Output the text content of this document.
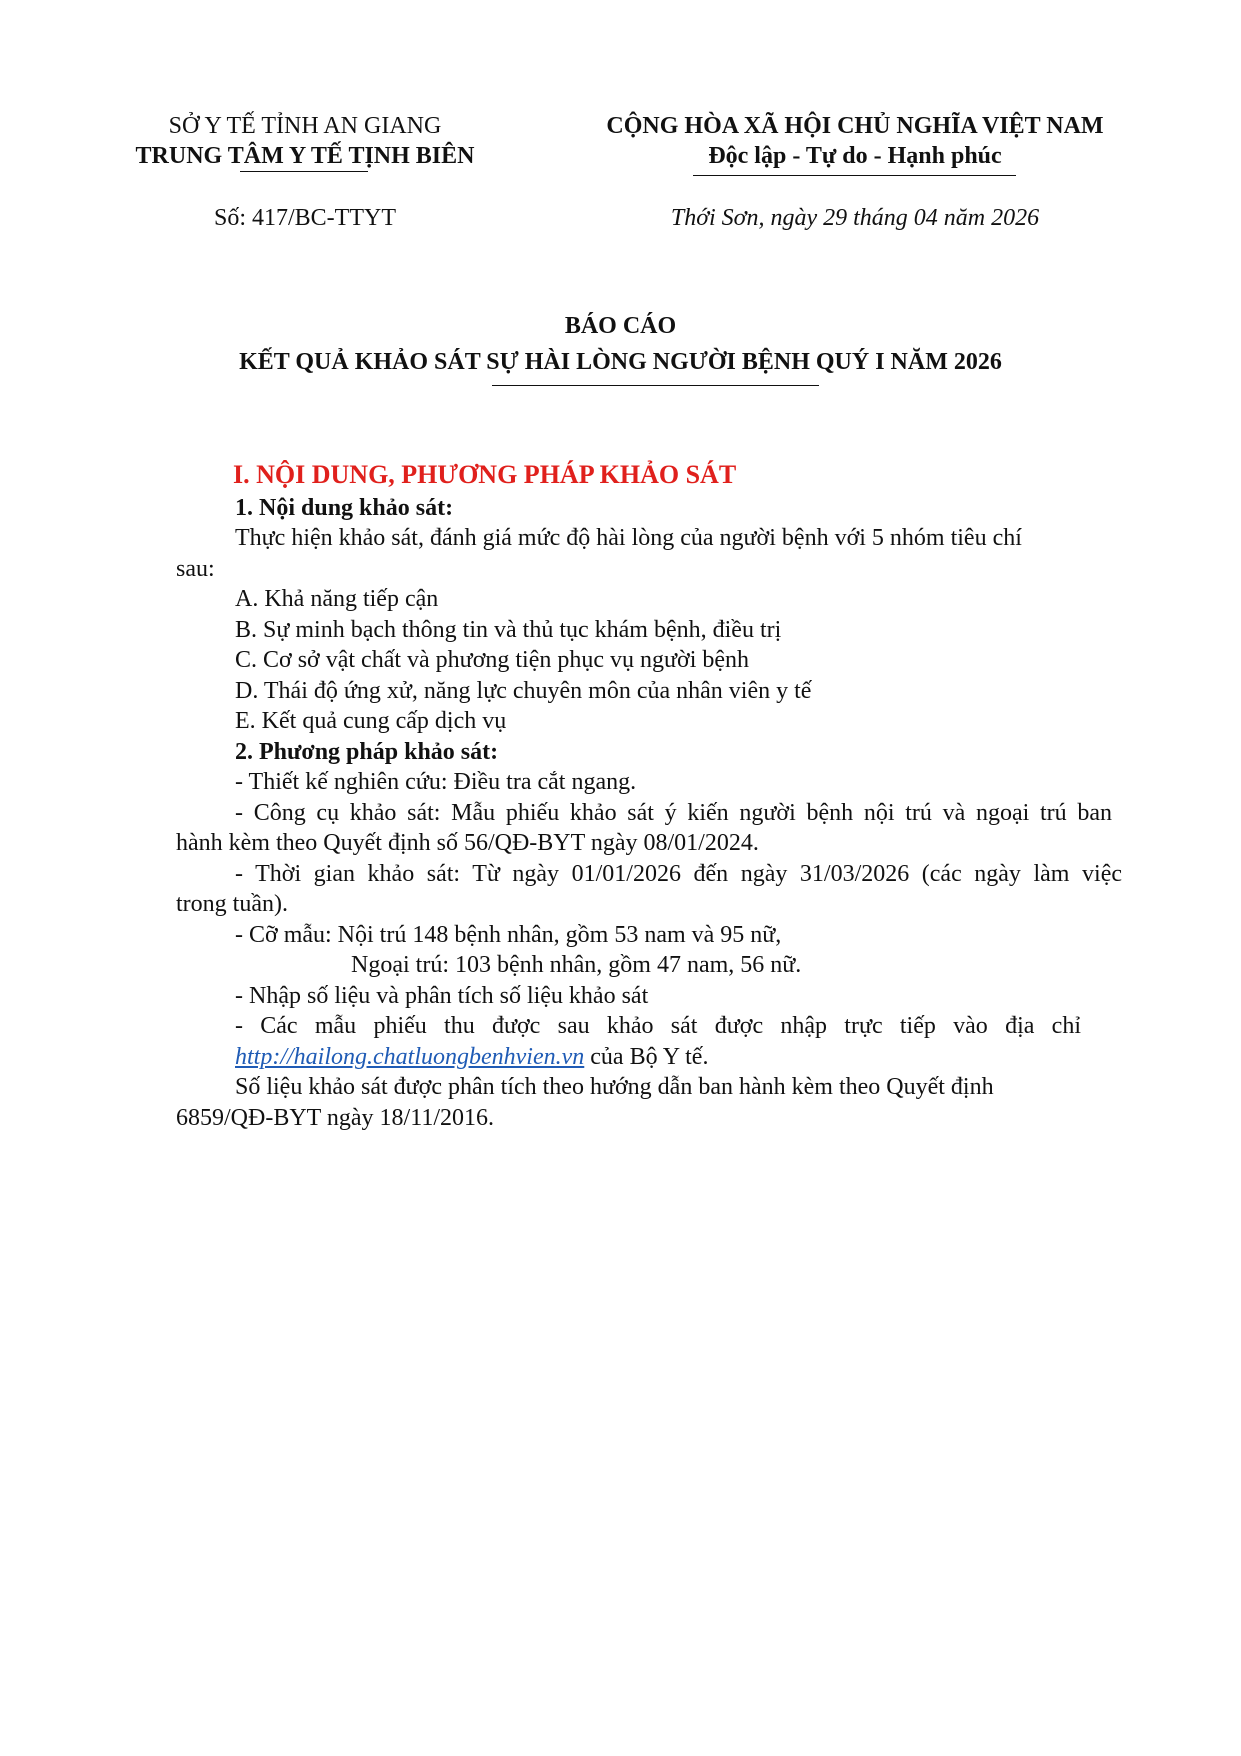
SỞ Y TẾ TỈNH AN GIANG
TRUNG TÂM Y TẾ TỊNH BIÊN
Số: 417/BC-TTYT
CỘNG HÒA XÃ HỘI CHỦ NGHĨA VIỆT NAM
Độc lập - Tự do - Hạnh phúc
Thới Sơn, ngày 29 tháng 04 năm 2026
BÁO CÁO
KẾT QUẢ KHẢO SÁT SỰ HÀI LÒNG NGƯỜI BỆNH QUÝ I NĂM 2026
I. NỘI DUNG, PHƯƠNG PHÁP KHẢO SÁT
1. Nội dung khảo sát:
Thực hiện khảo sát, đánh giá mức độ hài lòng của người bệnh với 5 nhóm tiêu chí
sau:
A. Khả năng tiếp cận
B. Sự minh bạch thông tin và thủ tục khám bệnh, điều trị
C. Cơ sở vật chất và phương tiện phục vụ người bệnh
D. Thái độ ứng xử, năng lực chuyên môn của nhân viên y tế
E. Kết quả cung cấp dịch vụ
2. Phương pháp khảo sát:
- Thiết kế nghiên cứu: Điều tra cắt ngang.
- Công cụ khảo sát: Mẫu phiếu khảo sát ý kiến người bệnh nội trú và ngoại trú ban
hành kèm theo Quyết định số 56/QĐ-BYT ngày 08/01/2024.
- Thời gian khảo sát: Từ ngày 01/01/2026 đến ngày 31/03/2026 (các ngày làm việc
trong tuần).
- Cỡ mẫu: Nội trú 148 bệnh nhân, gồm 53 nam và 95 nữ,
Ngoại trú: 103 bệnh nhân, gồm 47 nam, 56 nữ.
- Nhập số liệu và phân tích số liệu khảo sát
- Các mẫu phiếu thu được sau khảo sát được nhập trực tiếp vào địa chỉ
http://hailong.chatluongbenhvien.vn của Bộ Y tế.
Số liệu khảo sát được phân tích theo hướng dẫn ban hành kèm theo Quyết định
6859/QĐ-BYT ngày 18/11/2016.
